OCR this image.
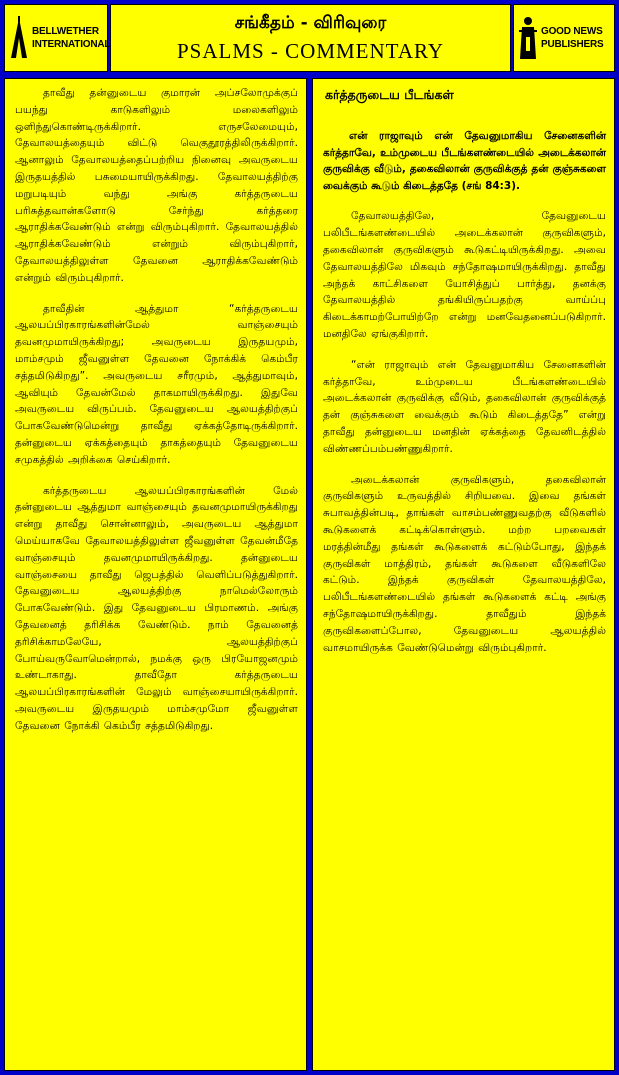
BELLWETHER
INTERNATIONAL
சங்கீதம் - விரிவுரை
PSALMS - COMMENTARY
GOOD NEWS
PUBLISHERS

தாவீது தன்னுடைய குமாரன் அப்சலோமுக்குப் பயந்து காடுகளிலும் மலைகளிலும் ஒளிந்துகொண்டிருக்கிறார். எருசலேமையும், தேவாலயத்தையும் விட்டு வெகுதூரத்திலிருக்கிறார். ஆனாலும் தேவாலயத்தைப்பற்றிய நினைவு அவருடைய இருதயத்தில் பசுமையாயிருக்கிறது. தேவாலயத்திற்கு மறுபடியும் வந்து அங்கு கர்த்தருடைய பரிசுத்தவான்களோடு சேர்ந்து கர்த்தரை ஆராதிக்கவேண்டும் என்று விரும்புகிறார். தேவாலயத்தில் ஆராதிக்கவேண்டும் என்றும் விரும்புகிறார், தேவாலயத்திலுள்ள தேவனை ஆராதிக்கவேண்டும் என்றும் விரும்புகிறார்.

தாவீதின் ஆத்துமா “கர்த்தருடைய ஆலயப்பிரகாரங்களின்மேல் வாஞ்சையும் தவனமுமாயிருக்கிறது; அவருடைய இருதயமும், மாம்சமும் ஜீவனுள்ள தேவனை நோக்கிக் கெம்பீர சத்தமிடுகிறது”. அவருடைய சரீரமும், ஆத்துமாவும், ஆவியும் தேவன்மேல் தாகமாயிருக்கிறது. இதுவே அவருடைய விருப்பம். தேவனுடைய ஆலயத்திற்குப் போகவேண்டுமென்று தாவீது ஏக்கத்தோடிருக்கிறார். தன்னுடைய ஏக்கத்தையும் தாகத்தையும் தேவனுடைய சமுகத்தில் அறிக்கை செய்கிறார்.

கர்த்தருடைய ஆலயப்பிரகாரங்களின் மேல் தன்னுடைய ஆத்துமா வாஞ்சையும் தவனமுமாயிருக்கிறது என்று தாவீது சொன்னாலும், அவருடைய ஆத்துமா மெய்யாகவே தேவாலயத்திலுள்ள ஜீவனுள்ள தேவன்மீதே வாஞ்சையும் தவனமுமாயிருக்கிறது. தன்னுடைய வாஞ்சையை தாவீது ஜெபத்தில் வெளிப்படுத்துகிறார். தேவனுடைய ஆலயத்திற்கு நாமெல்லோரும் போகவேண்டும். இது தேவனுடைய பிரமாணம். அங்கு தேவனைத் தரிசிக்க வேண்டும். நாம் தேவனைத் தரிசிக்காமலேயே, ஆலயத்திற்குப் போய்வருவோமென்றால், நமக்கு ஒரு பிரயோஜனமும் உண்டாகாது. தாவீதோ கர்த்தருடைய ஆலயப்பிரகாரங்களின் மேலும் வாஞ்சையாயிருக்கிறார். அவருடைய இருதயமும் மாம்சமுமோ ஜீவனுள்ள தேவனை நோக்கி கெம்பீர சத்தமிடுகிறது.

கர்த்தருடைய பீடங்கள்

என் ராஜாவும் என் தேவனுமாகிய சேனைகளின் கர்த்தாவே, உம்முடைய பீடங்களண்டையில் அடைக்கலான் குருவிக்கு வீடும், தகைவிலான் குருவிக்குத் தன் குஞ்சுகளை வைக்கும் கூடும் கிடைத்ததே (சங் 84:3).

தேவாலயத்திலே, தேவனுடைய பலிபீடங்களண்டையில் அடைக்கலான் குருவிகளும், தகைவிலான் குருவிகளும் கூடுகட்டியிருக்கிறது. அவை தேவாலயத்திலே மிகவும் சந்தோஷமாயிருக்கிறது. தாவீது அந்தக் காட்சிகளை யோசித்துப் பார்த்து, தனக்கு தேவாலயத்தில் தங்கியிருப்பதற்கு வாய்ப்பு கிடைக்காமற்போயிற்றே என்று மனவேதனைப்படுகிறார். மனதிலே ஏங்குகிறார்.

“என் ராஜாவும் என் தேவனுமாகிய சேனைகளின் கர்த்தாவே, உம்முடைய பீடங்களண்டையில் அடைக்கலான் குருவிக்கு வீடும், தகைவிலான் குருவிக்குத் தன் குஞ்சுகளை வைக்கும் கூடும் கிடைத்ததே” என்று தாவீது தன்னுடைய மனதின் ஏக்கத்தை தேவனிடத்தில் விண்ணப்பம்பண்ணுகிறார்.

அடைக்கலான் குருவிகளும், தகைவிலான் குருவிகளும் உருவத்தில் சிறியவை. இவை தங்கள் சுபாவத்தின்படி, தாங்கள் வாசம்பண்ணுவதற்கு வீடுகளில் கூடுகளைக் கட்டிக்கொள்ளும். மற்ற பறவைகள் மரத்தின்மீது தங்கள் கூடுகளைக் கட்டும்போது, இந்தக் குருவிகள் மாத்திரம், தங்கள் கூடுகளை வீடுகளிலே கட்டும். இந்தக் குருவிகள் தேவாலயத்திலே, பலிபீடங்களண்டையில் தங்கள் கூடுகளைக் கட்டி அங்கு சந்தோஷமாயிருக்கிறது. தாவீதும் இந்தக் குருவிகளைப்போல, தேவனுடைய ஆலயத்தில் வாசமாயிருக்க வேண்டுமென்று விரும்புகிறார்.
